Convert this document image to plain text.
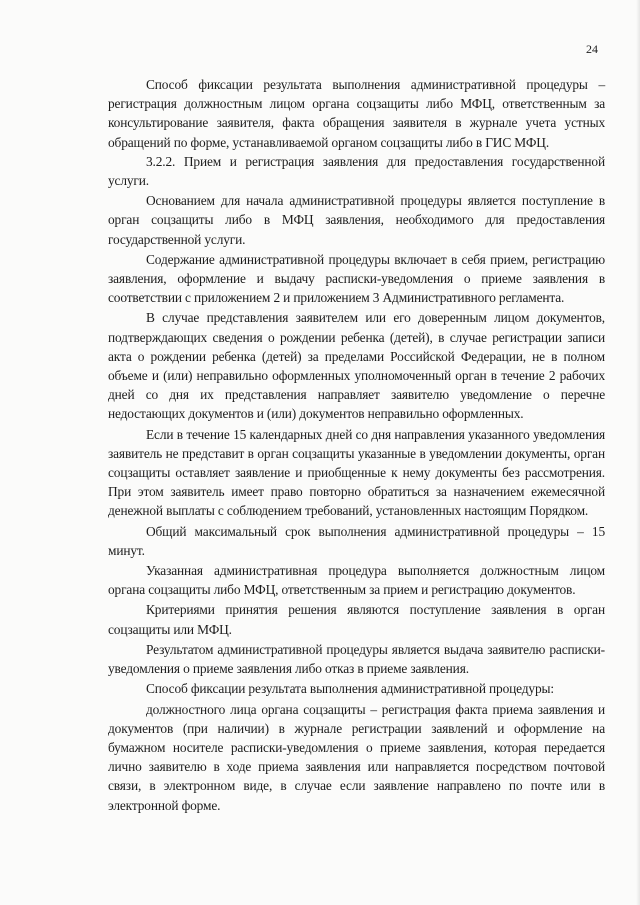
24

Способ фиксации результата выполнения административной процедуры – регистрация должностным лицом органа соцзащиты либо МФЦ, ответственным за консультирование заявителя, факта обращения заявителя в журнале учета устных обращений по форме, устанавливаемой органом соцзащиты либо в ГИС МФЦ.

3.2.2. Прием и регистрация заявления для предоставления государственной услуги.

Основанием для начала административной процедуры является поступление в орган соцзащиты либо в МФЦ заявления, необходимого для предоставления государственной услуги.

Содержание административной процедуры включает в себя прием, регистрацию заявления, оформление и выдачу расписки-уведомления о приеме заявления в соответствии с приложением 2 и приложением 3 Административного регламента.

В случае представления заявителем или его доверенным лицом документов, подтверждающих сведения о рождении ребенка (детей), в случае регистрации записи акта о рождении ребенка (детей) за пределами Российской Федерации, не в полном объеме и (или) неправильно оформленных уполномоченный орган в течение 2 рабочих дней со дня их представления направляет заявителю уведомление о перечне недостающих документов и (или) документов неправильно оформленных.

Если в течение 15 календарных дней со дня направления указанного уведомления заявитель не представит в орган соцзащиты указанные в уведомлении документы, орган соцзащиты оставляет заявление и приобщенные к нему документы без рассмотрения. При этом заявитель имеет право повторно обратиться за назначением ежемесячной денежной выплаты с соблюдением требований, установленных настоящим Порядком.

Общий максимальный срок выполнения административной процедуры – 15 минут.

Указанная административная процедура выполняется должностным лицом органа соцзащиты либо МФЦ, ответственным за прием и регистрацию документов.

Критериями принятия решения являются поступление заявления в орган соцзащиты или МФЦ.

Результатом административной процедуры является выдача заявителю расписки-уведомления о приеме заявления либо отказ в приеме заявления.

Способ фиксации результата выполнения административной процедуры:

должностного лица органа соцзащиты – регистрация факта приема заявления и документов (при наличии) в журнале регистрации заявлений и оформление на бумажном носителе расписки-уведомления о приеме заявления, которая передается лично заявителю в ходе приема заявления или направляется посредством почтовой связи, в электронном виде, в случае если заявление направлено по почте или в электронной форме.
